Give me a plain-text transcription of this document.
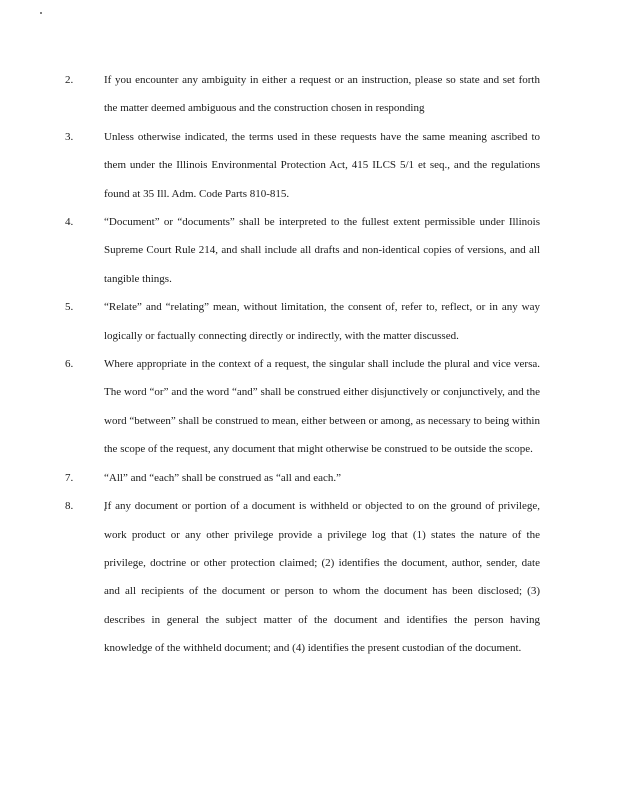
2.	If you encounter any ambiguity in either a request or an instruction, please so state and set forth the matter deemed ambiguous and the construction chosen in responding
3.	Unless otherwise indicated, the terms used in these requests have the same meaning ascribed to them under the Illinois Environmental Protection Act, 415 ILCS 5/1 et seq., and the regulations found at 35 Ill. Adm. Code Parts 810-815.
4.	“Document” or “documents” shall be interpreted to the fullest extent permissible under Illinois Supreme Court Rule 214, and shall include all drafts and non-identical copies of versions, and all tangible things.
5.	“Relate” and “relating” mean, without limitation, the consent of, refer to, reflect, or in any way logically or factually connecting directly or indirectly, with the matter discussed.
6.	Where appropriate in the context of a request, the singular shall include the plural and vice versa. The word “or” and the word “and” shall be construed either disjunctively or conjunctively, and the word “between” shall be construed to mean, either between or among, as necessary to being within the scope of the request, any document that might otherwise be construed to be outside the scope.
7.	“All” and “each” shall be construed as “all and each.”
8.	If any document or portion of a document is withheld or objected to on the ground of privilege, work product or any other privilege provide a privilege log that (1) states the nature of the privilege, doctrine or other protection claimed; (2) identifies the document, author, sender, date and all recipients of the document or person to whom the document has been disclosed; (3) describes in general the subject matter of the document and identifies the person having knowledge of the withheld document; and (4) identifies the present custodian of the document.
